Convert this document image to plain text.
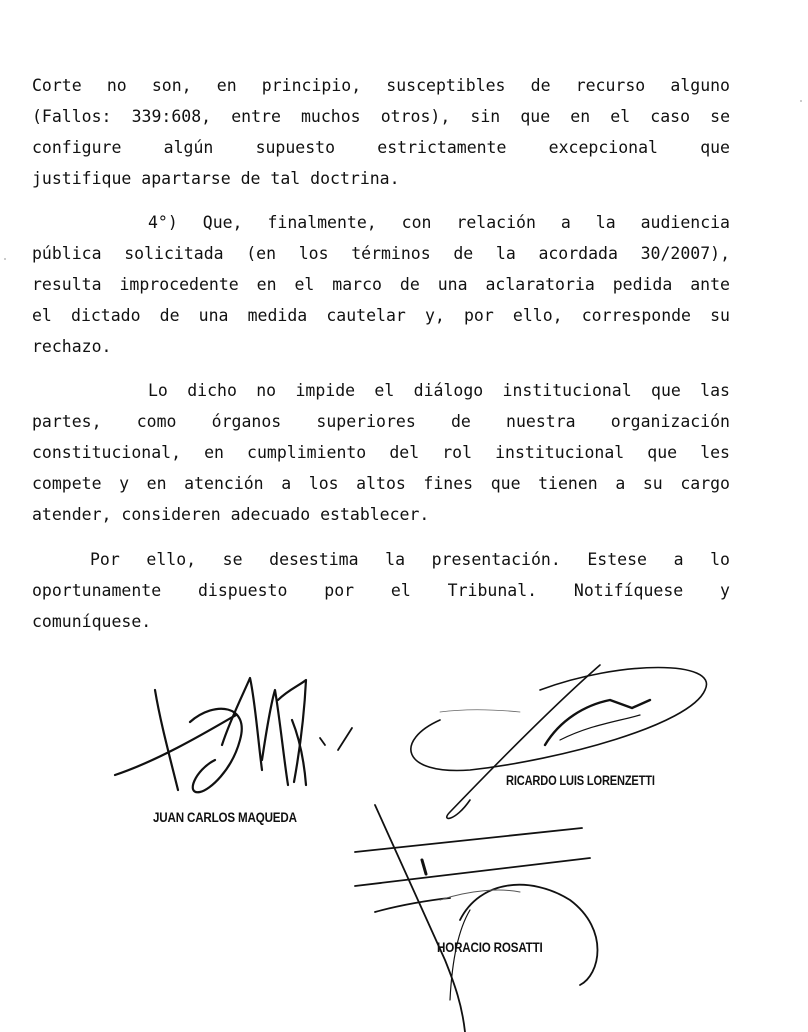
Corte no son, en principio, susceptibles de recurso alguno
(Fallos: 339:608, entre muchos otros), sin que en el caso se
configure algún supuesto estrictamente excepcional que
justifique apartarse de tal doctrina.
4°) Que, finalmente, con relación a la audiencia
pública solicitada (en los términos de la acordada 30/2007),
resulta improcedente en el marco de una aclaratoria pedida ante
el dictado de una medida cautelar y, por ello, corresponde su
rechazo.
Lo dicho no impide el diálogo institucional que las
partes, como órganos superiores de nuestra organización
constitucional, en cumplimiento del rol institucional que les
compete y en atención a los altos fines que tienen a su cargo
atender, consideren adecuado establecer.
Por ello, se desestima la presentación. Estese a lo
oportunamente dispuesto por el Tribunal. Notifíquese y
comuníquese.
JUAN CARLOS MAQUEDA
RICARDO LUIS LORENZETTI
HORACIO ROSATTI
